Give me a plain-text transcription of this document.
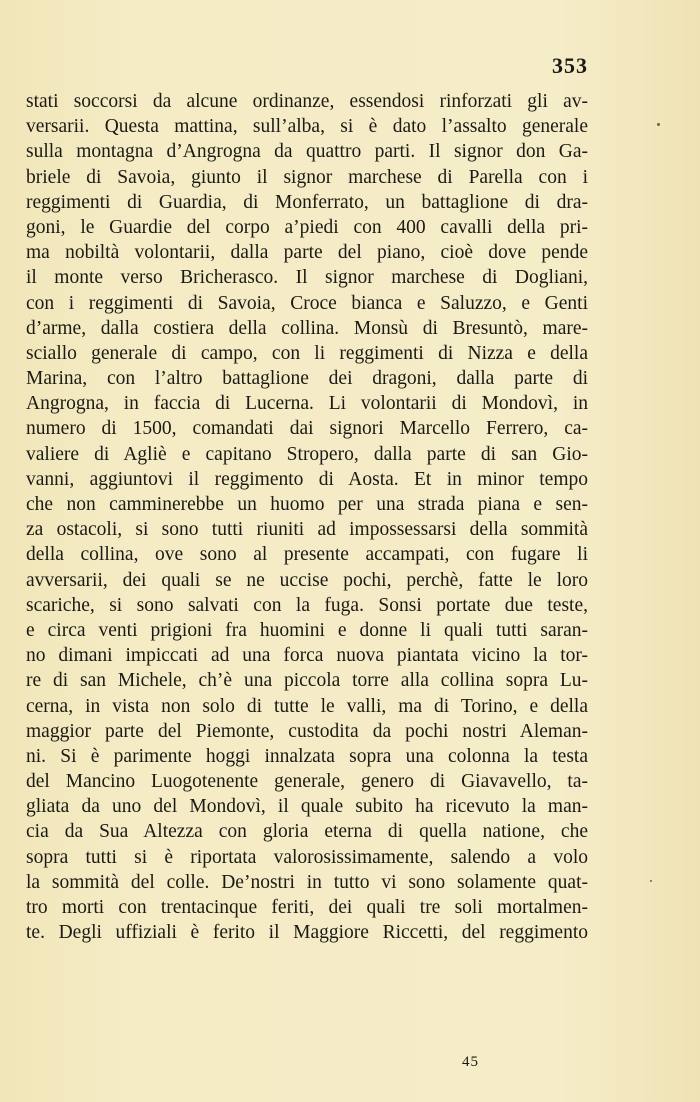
353
stati soccorsi da alcune ordinanze, essendosi rinforzati gli av-
versarii. Questa mattina, sull’alba, si è dato l’assalto generale
sulla montagna d’Angrogna da quattro parti. Il signor don Ga-
briele di Savoia, giunto il signor marchese di Parella con i
reggimenti di Guardia, di Monferrato, un battaglione di dra-
goni, le Guardie del corpo a’piedi con 400 cavalli della pri-
ma nobiltà volontarii, dalla parte del piano, cioè dove pende
il monte verso Bricherasco. Il signor marchese di Dogliani,
con i reggimenti di Savoia, Croce bianca e Saluzzo, e Genti
d’arme, dalla costiera della collina. Monsù di Bresuntò, mare-
sciallo generale di campo, con li reggimenti di Nizza e della
Marina, con l’altro battaglione dei dragoni, dalla parte di
Angrogna, in faccia di Lucerna. Li volontarii di Mondovì, in
numero di 1500, comandati dai signori Marcello Ferrero, ca-
valiere di Agliè e capitano Stropero, dalla parte di san Gio-
vanni, aggiuntovi il reggimento di Aosta. Et in minor tempo
che non camminerebbe un huomo per una strada piana e sen-
za ostacoli, si sono tutti riuniti ad impossessarsi della sommità
della collina, ove sono al presente accampati, con fugare li
avversarii, dei quali se ne uccise pochi, perchè, fatte le loro
scariche, si sono salvati con la fuga. Sonsi portate due teste,
e circa venti prigioni fra huomini e donne li quali tutti saran-
no dimani impiccati ad una forca nuova piantata vicino la tor-
re di san Michele, ch’è una piccola torre alla collina sopra Lu-
cerna, in vista non solo di tutte le valli, ma di Torino, e della
maggior parte del Piemonte, custodita da pochi nostri Aleman-
ni. Si è parimente hoggi innalzata sopra una colonna la testa
del Mancino Luogotenente generale, genero di Giavavello, ta-
gliata da uno del Mondovì, il quale subito ha ricevuto la man-
cia da Sua Altezza con gloria eterna di quella natione, che
sopra tutti si è riportata valorosissimamente, salendo a volo
la sommità del colle. De’nostri in tutto vi sono solamente quat-
tro morti con trentacinque feriti, dei quali tre soli mortalmen-
te. Degli uffiziali è ferito il Maggiore Riccetti, del reggimento
45
